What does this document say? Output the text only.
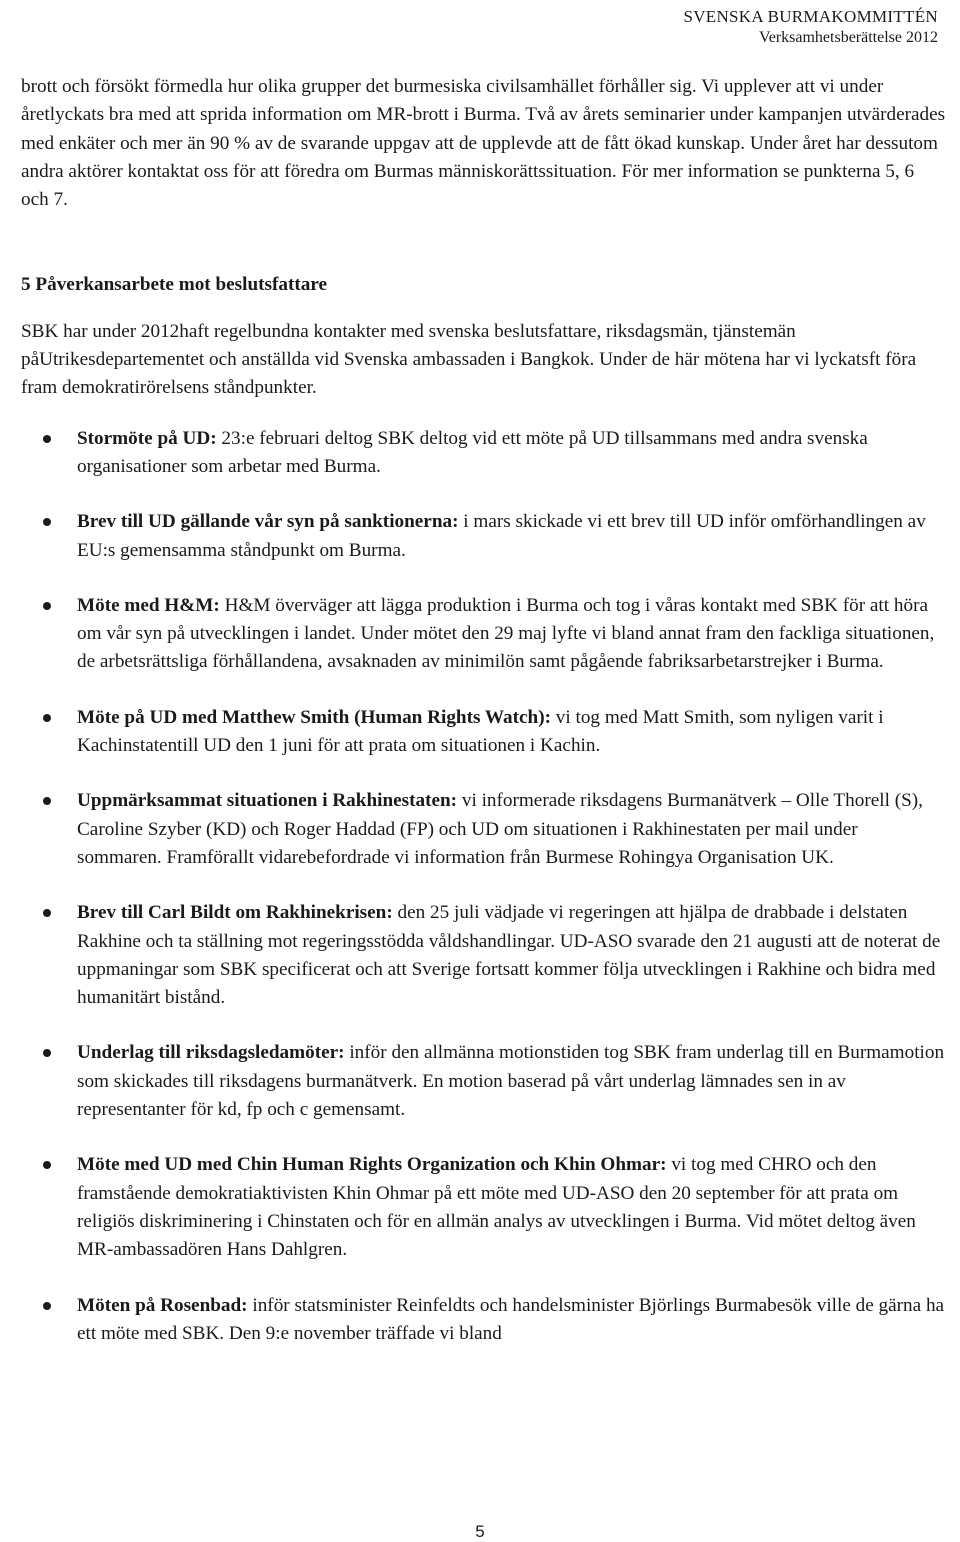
SVENSKA BURMAKOMMITTÉN
Verksamhetsberättelse 2012

brott och försökt förmedla hur olika grupper det burmesiska civilsamhället förhåller sig. Vi upplever att vi under åretlyckats bra med att sprida information om MR-brott i Burma. Två av årets seminarier under kampanjen utvärderades med enkäter och mer än 90 % av de svarande uppgav att de upplevde att de fått ökad kunskap. Under året har dessutom andra aktörer kontaktat oss för att föredra om Burmas människorättssituation. För mer information se punkterna 5, 6 och 7.

5 Påverkansarbete mot beslutsfattare

SBK har under 2012haft regelbundna kontakter med svenska beslutsfattare, riksdagsmän, tjänstemän påUtrikesdepartementet och anställda vid Svenska ambassaden i Bangkok. Under de här mötena har vi lyckatsft föra fram demokratirörelsens ståndpunkter.

Stormöte på UD: 23:e februari deltog SBK deltog vid ett möte på UD tillsammans med andra svenska organisationer som arbetar med Burma.
Brev till UD gällande vår syn på sanktionerna: i mars skickade vi ett brev till UD inför omförhandlingen av EU:s gemensamma ståndpunkt om Burma.
Möte med H&M: H&M överväger att lägga produktion i Burma och tog i våras kontakt med SBK för att höra om vår syn på utvecklingen i landet. Under mötet den 29 maj lyfte vi bland annat fram den fackliga situationen, de arbetsrättsliga förhållandena, avsaknaden av minimilön samt pågående fabriksarbetarstrejker i Burma.
Möte på UD med Matthew Smith (Human Rights Watch): vi tog med Matt Smith, som nyligen varit i Kachinstatentill UD den 1 juni för att prata om situationen i Kachin.
Uppmärksammat situationen i Rakhinestaten: vi informerade riksdagens Burmanätverk – Olle Thorell (S), Caroline Szyber (KD) och Roger Haddad (FP) och UD om situationen i Rakhinestaten per mail under sommaren. Framförallt vidarebefordrade vi information från Burmese Rohingya Organisation UK.
Brev till Carl Bildt om Rakhinekrisen: den 25 juli vädjade vi regeringen att hjälpa de drabbade i delstaten Rakhine och ta ställning mot regeringsstödda våldshandlingar. UD-ASO svarade den 21 augusti att de noterat de uppmaningar som SBK specificerat och att Sverige fortsatt kommer följa utvecklingen i Rakhine och bidra med humanitärt bistånd.
Underlag till riksdagsledamöter: inför den allmänna motionstiden tog SBK fram underlag till en Burmamotion som skickades till riksdagens burmanätverk. En motion baserad på vårt underlag lämnades sen in av representanter för kd, fp och c gemensamt.
Möte med UD med Chin Human Rights Organization och Khin Ohmar: vi tog med CHRO och den framstående demokratiaktivisten Khin Ohmar på ett möte med UD-ASO den 20 september för att prata om religiös diskriminering i Chinstaten och för en allmän analys av utvecklingen i Burma. Vid mötet deltog även MR-ambassadören Hans Dahlgren.
Möten på Rosenbad: inför statsminister Reinfeldts och handelsminister Björlings Burmabesök ville de gärna ha ett möte med SBK. Den 9:e november träffade vi bland
5
